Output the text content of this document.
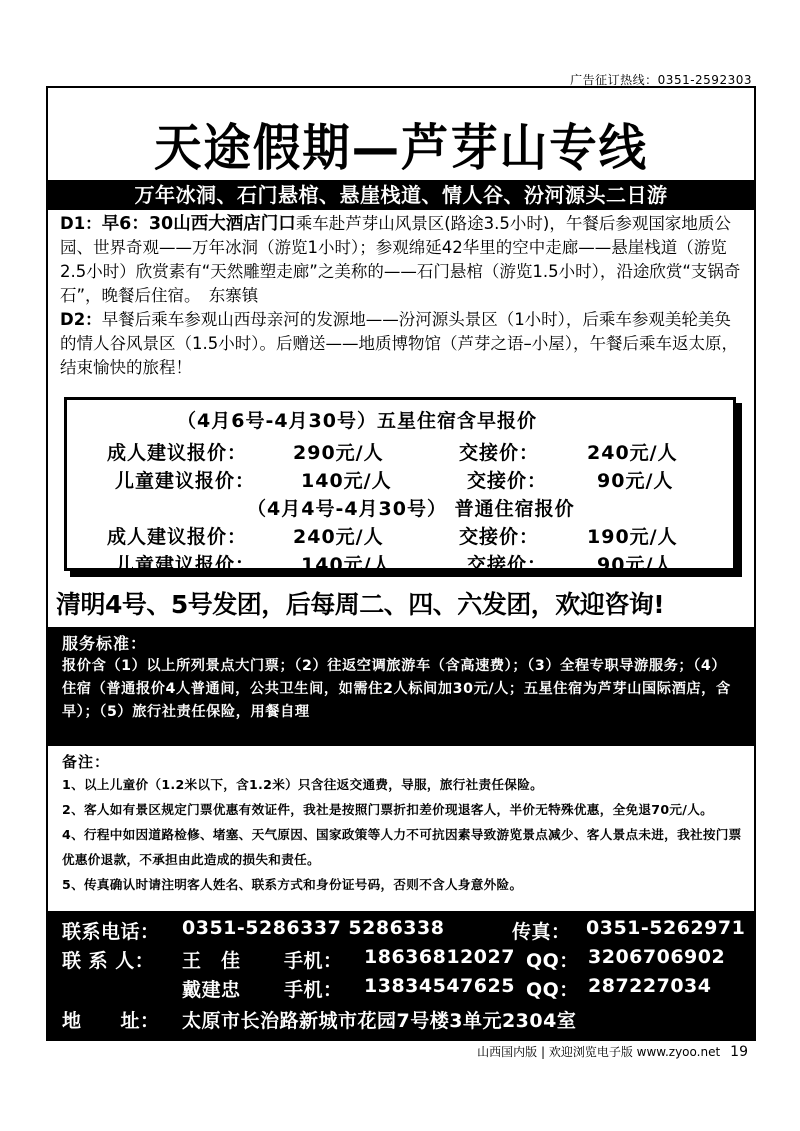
广告征订热线：0351-2592303
天途假期—芦芽山专线
万年冰洞、石门悬棺、悬崖栈道、情人谷、汾河源头二日游

D1：早6：30山西大酒店门口乘车赴芦芽山风景区(路途3.5小时)，午餐后参观国家地质公园、世界奇观——万年冰洞（游览1小时）；参观绵延42华里的空中走廊——悬崖栈道（游览2.5小时）欣赏素有“天然雕塑走廊”之美称的——石门悬棺（游览1.5小时），沿途欣赏“支锅奇石”，晚餐后住宿。　东寨镇

D2：早餐后乘车参观山西母亲河的发源地——汾河源头景区（1小时），后乘车参观美轮美奂的情人谷风景区（1.5小时）。后赠送——地质博物馆（芦芽之语–小屋），午餐后乘车返太原，结束愉快的旅程！

（4月6号-4月30号）五星住宿含早报价
成人建议报价： 290元/人	交接价：	240元/人
儿童建议报价： 140元/人	交接价：	90元/人
（4月4号-4月30号） 普通住宿报价
成人建议报价： 240元/人	交接价：	190元/人
儿童建议报价： 140元/人	交接价：	90元/人
清明4号、5号发团，后每周二、四、六发团，欢迎咨询!
服务标准：
报价含（1）以上所列景点大门票；（2）往返空调旅游车（含高速费）；（3）全程专职导游服务；（4）住宿（普通报价4人普通间，公共卫生间，如需住2人标间加30元/人；五星住宿为芦芽山国际酒店，含早）；（5）旅行社责任保险，用餐自理
备注：
1、以上儿童价（1.2米以下，含1.2米）只含往返交通费，导服，旅行社责任保险。
2、客人如有景区规定门票优惠有效证件，我社是按照门票折扣差价现退客人，半价无特殊优惠，全免退70元/人。
4、行程中如因道路检修、堵塞、天气原因、国家政策等人力不可抗因素导致游览景点减少、客人景点未进，我社按门票优惠价退款，不承担由此造成的损失和责任。
5、传真确认时请注明客人姓名、联系方式和身份证号码，否则不含人身意外险。
联系电话： 0351-5286337 5286338	传真： 0351-5262971
联 系 人： 王　佳 手机： 18636812027 QQ： 3206706902
戴建忠 手机： 13834547625 QQ： 287227034
地　　址： 太原市长治路新城市花园7号楼3单元2304室
山西国内版 | 欢迎浏览电子版 www.zyoo.net 19
